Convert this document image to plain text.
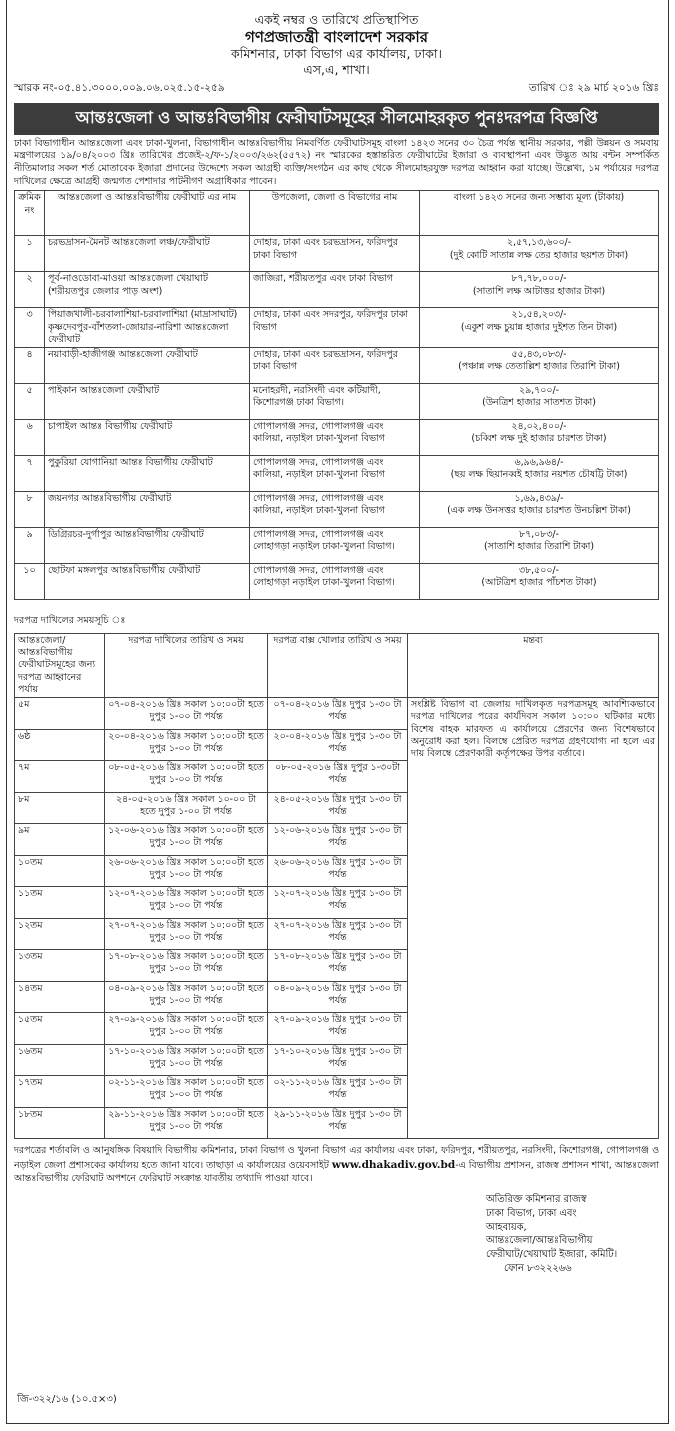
একই নম্বর ও তারিখে প্রতিস্থাপিত
গণপ্রজাতন্ত্রী বাংলাদেশ সরকার
কমিশনার, ঢাকা বিভাগ এর কার্যালয়, ঢাকা।
এস,এ, শাখা।
স্মারক নং-০৫.৪১.৩০০০.০০৯.০৬.০২৫.১৫-২৫৯	তারিখ ঃ ২৯ মার্চ ২০১৬ খ্রিঃ
আন্তঃজেলা ও আন্তঃবিভাগীয় ফেরীঘাটসমূহের সীলমোহরকৃত পুনঃদরপত্র বিজ্ঞপ্তি
ঢাকা বিভাগাধীন আন্তঃজেলা এবং ঢাকা-খুলনা, বিভাগাধীন আন্তঃবিভাগীয় নিমবর্ণিত ফেরীঘাটসমূহ বাংলা ১৪২৩ সনের ৩০ চৈত্র পর্যন্ত স্থানীয় সরকার, পল্লী উন্নয়ন ও সমবায় মন্ত্রণালয়ের ১৯/০৪/২০০৩ খ্রিঃ তারিখের প্রজেই-২/ফ-১/২০০৩/২৬২(৫৫৭২) নং স্মারকের হস্তান্তরিত ফেরীঘাটের ইজারা ও ব্যবস্থাপনা এবং উদ্ভূত আয় বন্টন সম্পর্কিত নীতিমালার সকল শর্ত মোতাবেক ইজারা প্রদানের উদ্দেশ্যে সকল আগ্রহী ব্যক্তি/সংগঠন এর কাছ থেকে সীলমোহরযুক্ত দরপত্র আহ্বান করা যাচ্ছে। উল্লেখ্য, ১ম পর্যায়ের দরপত্র দাখিলের ক্ষেত্রে আগ্রহী জন্মগত পেশাদার পাটনীগণ অগ্রাধিকার পাবেন।
ক্রমিক নং	আন্তঃজেলা ও আন্তঃবিভাগীয় ফেরীঘাট এর নাম	উপজেলা, জেলা ও বিভাগের নাম	বাংলা ১৪২৩ সনের জন্য সম্ভাব্য মূল্য (টাকায়)
১	চরভদ্রাসন-মৈনট আন্তঃজেলা লঞ্চ/ফেরীঘাট	দোহার, ঢাকা এবং চরভদ্রাসন, ফরিদপুর ঢাকা বিভাগ	২,৫৭,১৩,৬০০/-
(দুই কোটি সাতান্ন লক্ষ তের হাজার ছয়শত টাকা)

২	পূর্ব-নাওডোবা-মাওয়া আন্তঃজেলা খেয়াঘাট (শরীয়তপুর জেলার পাড় অংশ)	জাজিরা, শরীয়তপুর এবং ঢাকা বিভাগ	৮৭,৭৮,০০০/-
(সাতাশি লক্ষ আটাত্তর হাজার টাকা)

৩	পিয়াজখালী-চরবালাশিয়া-চরবালাশিয়া (মাদ্রাসাঘাট) কৃষ্ণদেবপুর-বাঁশতলা-জোয়ার-নারিশা আন্তঃজেলা ফেরীঘাট	দোহার, ঢাকা এবং সদরপুর, ফরিদপুর ঢাকা বিভাগ	২১,৫৪,২০৩/-
(একুশ লক্ষ চুয়ান্ন হাজার দুইশত তিন টাকা)

৪	নয়াবাড়ী-হাজীগঞ্জ আন্তঃজেলা ফেরীঘাট	দোহার, ঢাকা এবং চরভদ্রাসন, ফরিদপুর ঢাকা বিভাগ	৫৫,৪৩,০৮৩/-
(পঞ্চান্ন লক্ষ তেতাল্লিশ হাজার তিরাশি টাকা)

৫	পাইকান আন্তঃজেলা ফেরীঘাট	মনোহরদী, নরসিংদী এবং কটিয়াদী, কিশোরগঞ্জ ঢাকা বিভাগ।	২৯,৭০০/-
(উনত্রিশ হাজার সাতশত টাকা)

৬	চাপাইল আন্তঃ বিভাগীয় ফেরীঘাট	গোপালগঞ্জ সদর, গোপালগঞ্জ এবং কালিয়া, নড়াইল ঢাকা-খুলনা বিভাগ	২৪,০২,৪০০/-
(চব্বিশ লক্ষ দুই হাজার চারশত টাকা)

৭	পুকুরিয়া যোগানিয়া আন্তঃ বিভাগীয় ফেরীঘাট	গোপালগঞ্জ সদর, গোপালগঞ্জ এবং কালিয়া, নড়াইল ঢাকা-খুলনা বিভাগ	৬,৯৬,৯৬৪/-
(ছয় লক্ষ ছিয়ানব্বই হাজার নয়শত চৌষট্টি টাকা)

৮	জয়নগর আন্তঃবিভাগীয় ফেরীঘাট	গোপালগঞ্জ সদর, গোপালগঞ্জ এবং কালিয়া, নড়াইল ঢাকা-খুলনা বিভাগ	১,৬৯,৪৩৯/-
(এক লক্ষ উনসত্তর হাজার চারশত উনচল্লিশ টাকা)

৯	ডিগ্রিরচর-দুর্গাপুর আন্তঃবিভাগীয় ফেরীঘাট	গোপালগঞ্জ সদর, গোপালগঞ্জ এবং লোহাগড়া নড়াইল ঢাকা-খুলনা বিভাগ।	৮৭,০৮৩/-
(সাতাশি হাজার তিরাশি টাকা)

১০	ছোটফা মঙ্গলপুর আন্তঃবিভাগীয় ফেরীঘাট	গোপালগঞ্জ সদর, গোপালগঞ্জ এবং লোহাগড়া নড়াইল ঢাকা-খুলনা বিভাগ।	৩৮,৫০০/-
(আটত্রিশ হাজার পাঁচশত টাকা)
দরপত্র দাখিলের সময়সূচি ঃ
আন্তঃজেলা/আন্তঃবিভাগীয় ফেরীঘাটসমূহের জন্য দরপত্র আহ্বানের পর্যায়	দরপত্র দাখিলের তারিখ ও সময়	দরপত্র বাক্স খোলার তারিখ ও সময়	মন্তব্য
৫ম	০৭-০৪-২০১৬ খ্রিঃ সকাল ১০:০০টা হতে দুপুর ১-০০ টা পর্যন্ত	০৭-০৪-২০১৬ খ্রিঃ দুপুর ১-৩০ টা পর্যন্ত	সংশ্লিষ্ট বিভাগ বা জেলায় দাখিলকৃত দরপত্রসমূহ আবশ্যিকভাবে দরপত্র দাখিলের পরের কার্যদিবস সকাল ১০:০০ ঘটিকার মধ্যে বিশেষ বাহক মারফত এ কার্যালয়ে প্রেরণের জন্য বিশেষভাবে অনুরোধ করা হল। বিলম্বে প্রেরিত দরপত্র গ্রহণযোগ্য না হলে এর দায় বিলম্বে প্রেরণকারী কর্তৃপক্ষের উপর বর্তাবে।
৬ষ্ঠ	২০-০৪-২০১৬ খ্রিঃ সকাল ১০:০০টা হতে দুপুর ১-০০ টা পর্যন্ত	২০-০৪-২০১৬ খ্রিঃ দুপুর ১-৩০ টা পর্যন্ত	
৭ম	০৮-০৫-২০১৬ খ্রিঃ সকাল ১০:০০টা হতে দুপুর ১-০০ টা পর্যন্ত	০৮-০৫-২০১৬ খ্রিঃ দুপুর ১-৩০টা পর্যন্ত	
৮ম	২৪-০৫-২০১৬ খ্রিঃ সকাল ১০-০০ টা হতে দুপুর ১-০০ টা পর্যন্ত	২৪-০৫-২০১৬ খ্রিঃ দুপুর ১-৩০ টা পর্যন্ত	
৯ম	১২-০৬-২০১৬ খ্রিঃ সকাল ১০:০০টা হতে দুপুর ১-০০ টা পর্যন্ত	১২-০৬-২০১৬ খ্রিঃ দুপুর ১-৩০ টা পর্যন্ত	
১০তম	২৬-০৬-২০১৬ খ্রিঃ সকাল ১০:০০টা হতে দুপুর ১-০০ টা পর্যন্ত	২৬-০৬-২০১৬ খ্রিঃ দুপুর ১-৩০ টা পর্যন্ত	
১১তম	১২-০৭-২০১৬ খ্রিঃ সকাল ১০:০০টা হতে দুপুর ১-০০ টা পর্যন্ত	১২-০৭-২০১৬ খ্রিঃ দুপুর ১-৩০ টা পর্যন্ত	
১২তম	২৭-০৭-২০১৬ খ্রিঃ সকাল ১০:০০টা হতে দুপুর ১-০০ টা পর্যন্ত	২৭-০৭-২০১৬ খ্রিঃ দুপুর ১-৩০ টা পর্যন্ত	
১৩তম	১৭-০৮-২০১৬ খ্রিঃ সকাল ১০:০০টা হতে দুপুর ১-০০ টা পর্যন্ত	১৭-০৮-২০১৬ খ্রিঃ দুপুর ১-৩০ টা পর্যন্ত	
১৪তম	০৪-০৯-২০১৬ খ্রিঃ সকাল ১০:০০টা হতে দুপুর ১-০০ টা পর্যন্ত	০৪-০৯-২০১৬ খ্রিঃ দুপুর ১-৩০ টা পর্যন্ত	
১৫তম	২৭-০৯-২০১৬ খ্রিঃ সকাল ১০:০০টা হতে দুপুর ১-০০ টা পর্যন্ত	২৭-০৯-২০১৬ খ্রিঃ দুপুর ১-৩০ টা পর্যন্ত	
১৬তম	১৭-১০-২০১৬ খ্রিঃ সকাল ১০:০০টা হতে দুপুর ১-০০ টা পর্যন্ত	১৭-১০-২০১৬ খ্রিঃ দুপুর ১-৩০ টা পর্যন্ত	
১৭তম	০২-১১-২০১৬ খ্রিঃ সকাল ১০:০০টা হতে দুপুর ১-০০ টা পর্যন্ত	০২-১১-২০১৬ খ্রিঃ দুপুর ১-৩০ টা পর্যন্ত	
১৮তম	২৯-১১-২০১৬ খ্রিঃ সকাল ১০:০০টা হতে দুপুর ১-০০ টা পর্যন্ত	২৯-১১-২০১৬ খ্রিঃ দুপুর ১-৩০ টা পর্যন্ত	
দরপত্রের শর্তাবলি ও আনুষঙ্গিক বিষয়াদি বিভাগীয় কমিশনার, ঢাকা বিভাগ ও খুলনা বিভাগ এর কার্যালয় এবং ঢাকা, ফরিদপুর, শরীয়তপুর, নরসিংদী, কিশোরগঞ্জ, গোপালগঞ্জ ও নড়াইল জেলা প্রশাসকের কার্যালয় হতে জানা যাবে। তাছাড়া এ কার্যালয়ের ওয়েবসাইট www.dhakadiv.gov.bd-এ বিভাগীয় প্রশাসন, রাজস্ব প্রশাসন শাখা, আন্তঃজেলা আন্তঃবিভাগীয় ফেরিঘাট অপশনে ফেরিঘাট সংক্রান্ত যাবতীয় তথ্যাদি পাওয়া যাবে।
অতিরিক্ত কমিশনার রাজস্ব
ঢাকা বিভাগ, ঢাকা এবং
আহবায়ক,
আন্তঃজেলা/আন্তঃবিভাগীয়
ফেরীঘাট/খেয়াঘাট ইজারা, কমিটি।
ফোন ৮৩২২২৬৬
জি-৩২২/১৬ (১০.৫×৩)
